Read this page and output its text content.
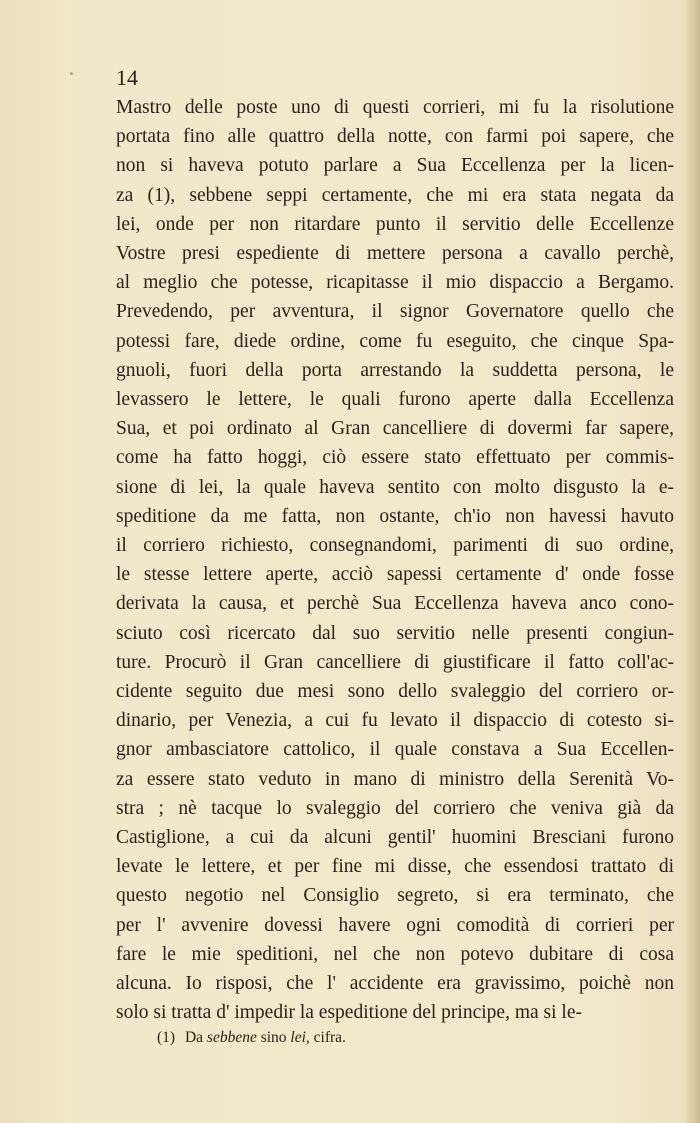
14
Mastro delle poste uno di questi corrieri, mi fu la risolutione
portata fino alle quattro della notte, con farmi poi sapere, che
non si haveva potuto parlare a Sua Eccellenza per la licen-
za (1), sebbene seppi certamente, che mi era stata negata da
lei, onde per non ritardare punto il servitio delle Eccellenze
Vostre presi espediente di mettere persona a cavallo perchè,
al meglio che potesse, ricapitasse il mio dispaccio a Bergamo.
Prevedendo, per avventura, il signor Governatore quello che
potessi fare, diede ordine, come fu eseguito, che cinque Spa-
gnuoli, fuori della porta arrestando la suddetta persona, le
levassero le lettere, le quali furono aperte dalla Eccellenza
Sua, et poi ordinato al Gran cancelliere di dovermi far sapere,
come ha fatto hoggi, ciò essere stato effettuato per commis-
sione di lei, la quale haveva sentito con molto disgusto la e-
speditione da me fatta, non ostante, ch'io non havessi havuto
il corriero richiesto, consegnandomi, parimenti di suo ordine,
le stesse lettere aperte, acciò sapessi certamente d' onde fosse
derivata la causa, et perchè Sua Eccellenza haveva anco cono-
sciuto così ricercato dal suo servitio nelle presenti congiun-
ture. Procurò il Gran cancelliere di giustificare il fatto coll'ac-
cidente seguito due mesi sono dello svaleggio del corriero or-
dinario, per Venezia, a cui fu levato il dispaccio di cotesto si-
gnor ambasciatore cattolico, il quale constava a Sua Eccellen-
za essere stato veduto in mano di ministro della Serenità Vo-
stra ; nè tacque lo svaleggio del corriero che veniva già da
Castiglione, a cui da alcuni gentil' huomini Bresciani furono
levate le lettere, et per fine mi disse, che essendosi trattato di
questo negotio nel Consiglio segreto, si era terminato, che
per l' avvenire dovessi havere ogni comodità di corrieri per
fare le mie speditioni, nel che non potevo dubitare di cosa
alcuna. Io risposi, che l' accidente era gravissimo, poichè non
solo si tratta d' impedir la espeditione del principe, ma si le-
(1) Da sebbene sino lei, cifra.
